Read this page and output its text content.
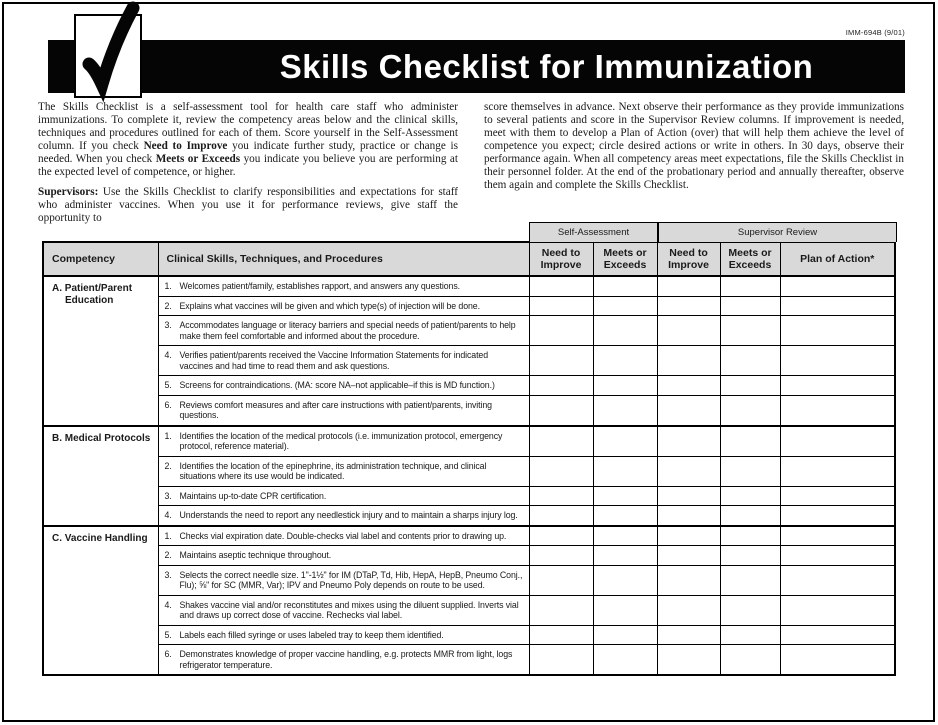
IMM-694B (9/01)
Skills Checklist for Immunization

The Skills Checklist is a self-assessment tool for health care staff who administer immunizations. To complete it, review the competency areas below and the clinical skills, techniques and procedures outlined for each of them. Score yourself in the Self-Assessment column. If you check Need to Improve you indicate further study, practice or change is needed. When you check Meets or Exceeds you indicate you believe you are performing at the expected level of competence, or higher.

Supervisors: Use the Skills Checklist to clarify responsibilities and expectations for staff who administer vaccines. When you use it for performance reviews, give staff the opportunity to

score themselves in advance. Next observe their performance as they provide immunizations to several patients and score in the Supervisor Review columns. If improvement is needed, meet with them to develop a Plan of Action (over) that will help them achieve the level of competence you expect; circle desired actions or write in others. In 30 days, observe their performance again. When all competency areas meet expectations, file the Skills Checklist in their personnel folder. At the end of the probationary period and annually thereafter, observe them again and complete the Skills Checklist.

Self-Assessment	Supervisor Review
Competency	Clinical Skills, Techniques, and Procedures	Need to Improve	Meets or Exceeds	Need to Improve	Meets or Exceeds	Plan of Action*
A. Patient/Parent Education	1. Welcomes patient/family, establishes rapport, and answers any questions.					

	2. Explains what vaccines will be given and which type(s) of injection will be done.					

	3. Accommodates language or literacy barriers and special needs of patient/parents to help make them feel comfortable and informed about the procedure.					

	4. Verifies patient/parents received the Vaccine Information Statements for indicated vaccines and had time to read them and ask questions.					

	5. Screens for contraindications. (MA: score NA–not applicable–if this is MD function.)					

	6. Reviews comfort measures and after care instructions with patient/parents, inviting questions.					

B. Medical Protocols	1. Identifies the location of the medical protocols (i.e. immunization protocol, emergency protocol, reference material).					

	2. Identifies the location of the epinephrine, its administration technique, and clinical situations where its use would be indicated.					

	3. Maintains up-to-date CPR certification.					

	4. Understands the need to report any needlestick injury and to maintain a sharps injury log.					

C. Vaccine Handling	1. Checks vial expiration date. Double-checks vial label and contents prior to drawing up.					

	2. Maintains aseptic technique throughout.					

	3. Selects the correct needle size. 1"-1½" for IM (DTaP, Td, Hib, HepA, HepB, Pneumo Conj., Flu); ⅝" for SC (MMR, Var); IPV and Pneumo Poly depends on route to be used.					

	4. Shakes vaccine vial and/or reconstitutes and mixes using the diluent supplied. Inverts vial and draws up correct dose of vaccine. Rechecks vial label.					

	5. Labels each filled syringe or uses labeled tray to keep them identified.					

	6. Demonstrates knowledge of proper vaccine handling, e.g. protects MMR from light, logs refrigerator temperature.					
